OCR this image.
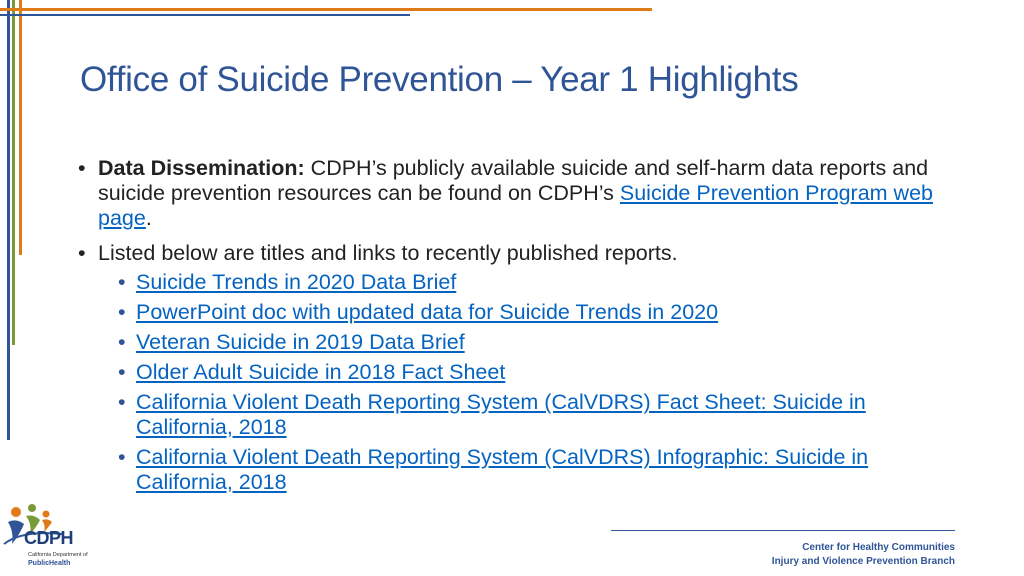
Office of Suicide Prevention – Year 1 Highlights
• Data Dissemination: CDPH’s publicly available suicide and self-harm data reports and suicide prevention resources can be found on CDPH’s Suicide Prevention Program web page.
• Listed below are titles and links to recently published reports.
• Suicide Trends in 2020 Data Brief
• PowerPoint doc with updated data for Suicide Trends in 2020
• Veteran Suicide in 2019 Data Brief
• Older Adult Suicide in 2018 Fact Sheet
• California Violent Death Reporting System (CalVDRS) Fact Sheet: Suicide in California, 2018
• California Violent Death Reporting System (CalVDRS) Infographic: Suicide in California, 2018
CDPH
California Department of
PublicHealth
Center for Healthy Communities
Injury and Violence Prevention Branch
